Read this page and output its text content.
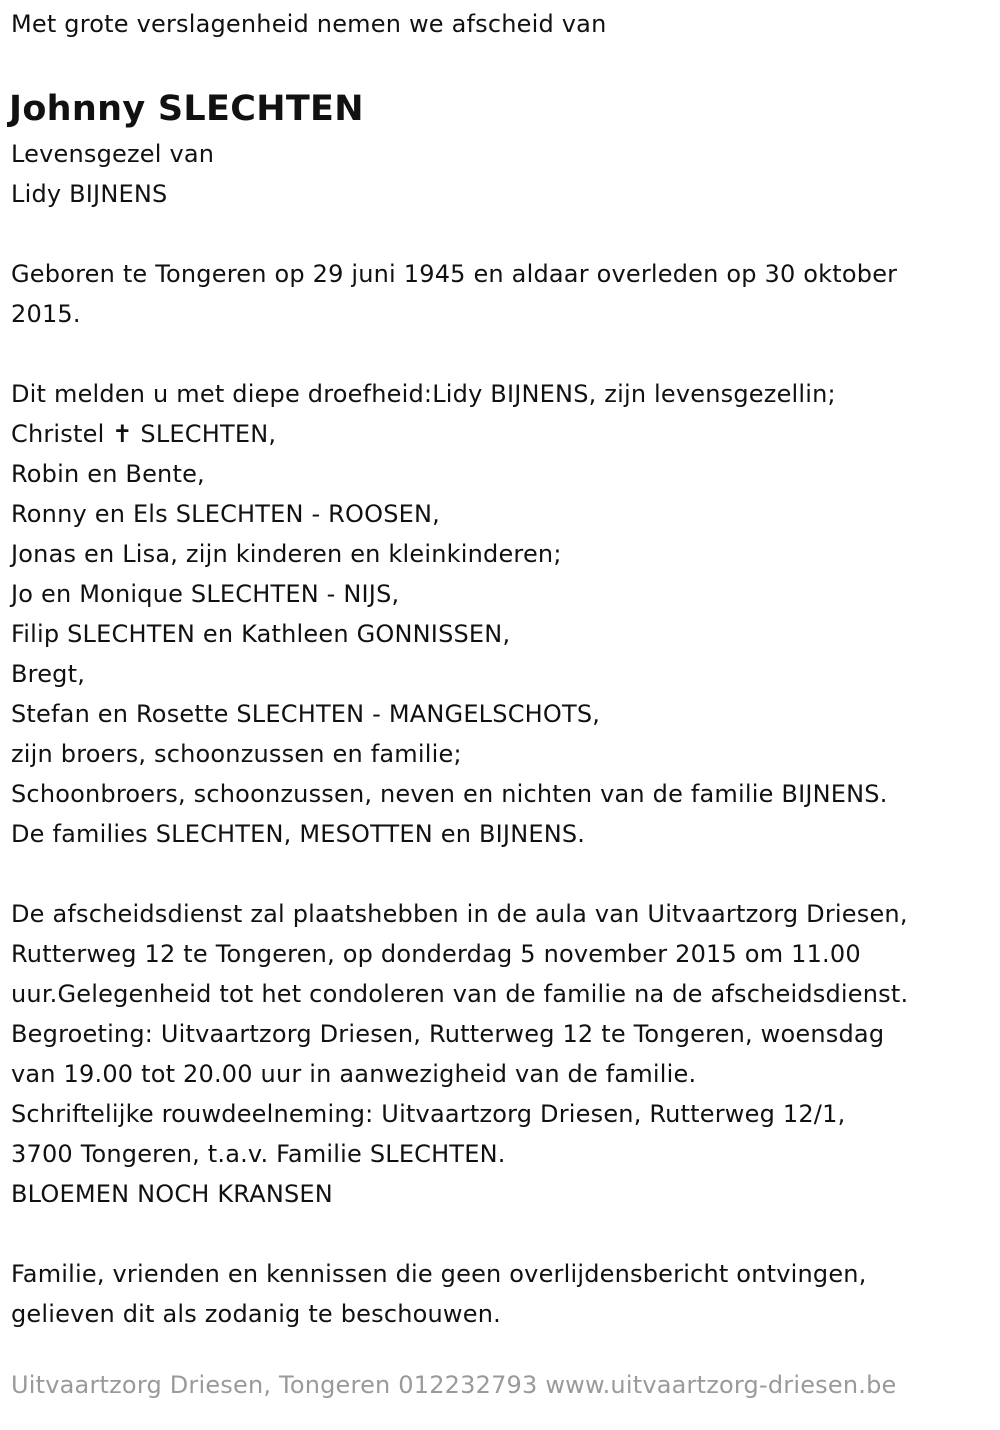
Met grote verslagenheid nemen we afscheid van
Johnny SLECHTEN
Levensgezel van
Lidy BIJNENS
Geboren te Tongeren op 29 juni 1945 en aldaar overleden op 30 oktober
2015.
Dit melden u met diepe droefheid:Lidy BIJNENS, zijn levensgezellin;
Christel ✝ SLECHTEN,
Robin en Bente,
Ronny en Els SLECHTEN - ROOSEN,
Jonas en Lisa, zijn kinderen en kleinkinderen;
Jo en Monique SLECHTEN - NIJS,
Filip SLECHTEN en Kathleen GONNISSEN,
Bregt,
Stefan en Rosette SLECHTEN - MANGELSCHOTS,
zijn broers, schoonzussen en familie;
Schoonbroers, schoonzussen, neven en nichten van de familie BIJNENS.
De families SLECHTEN, MESOTTEN en BIJNENS.
De afscheidsdienst zal plaatshebben in de aula van Uitvaartzorg Driesen,
Rutterweg 12 te Tongeren, op donderdag 5 november 2015 om 11.00
uur.Gelegenheid tot het condoleren van de familie na de afscheidsdienst.
Begroeting: Uitvaartzorg Driesen, Rutterweg 12 te Tongeren, woensdag
van 19.00 tot 20.00 uur in aanwezigheid van de familie.
Schriftelijke rouwdeelneming: Uitvaartzorg Driesen, Rutterweg 12/1,
3700 Tongeren, t.a.v. Familie SLECHTEN.
BLOEMEN NOCH KRANSEN
Familie, vrienden en kennissen die geen overlijdensbericht ontvingen,
gelieven dit als zodanig te beschouwen.
Uitvaartzorg Driesen, Tongeren 012232793 www.uitvaartzorg-driesen.be
